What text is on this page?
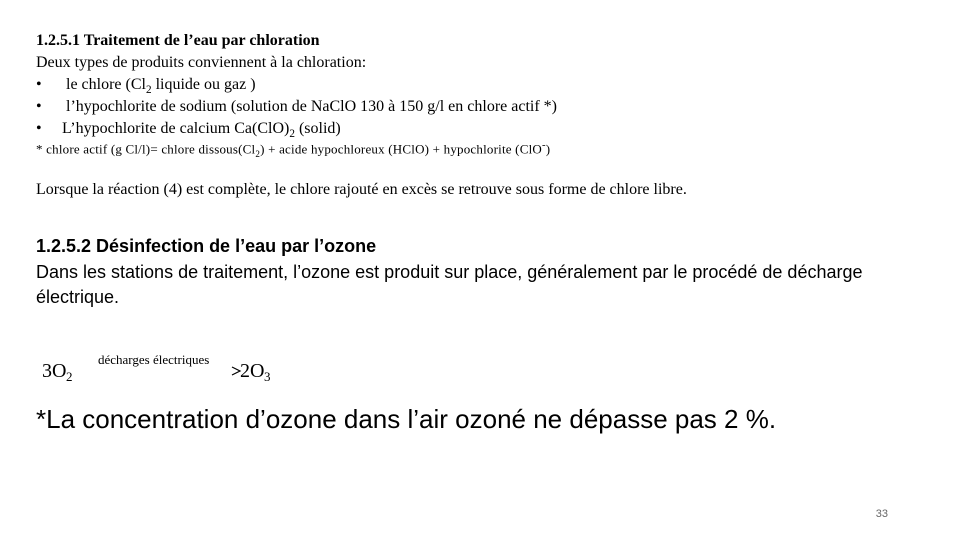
1.2.5.1 Traitement de l’eau par chloration
Deux types de produits conviennent à la chloration:
• le chlore ($Cl_2$ liquide ou gaz )
• l’hypochlorite de sodium (solution de NaClO 130 à 150 g/l en chlore actif *)
• L’hypochlorite de calcium $Ca(ClO)_2$ (solid)
* chlore actif (g Cl/l)= chlore $dissous(Cl_2)$ + acide hypochloreux (HClO) + hypochlorite (ClO-)
Lorsque la réaction (4) est complète, le chlore rajouté en excès se retrouve sous forme de chlore libre.
1.2.5.2 Désinfection de l’eau par l’ozone
Dans les stations de traitement, l’ozone est produit sur place, généralement par le procédé de décharge électrique.
3O 2
décharges électriques
2O 3
*La concentration d’ozone dans l’air ozoné ne dépasse pas 2 %.
33
